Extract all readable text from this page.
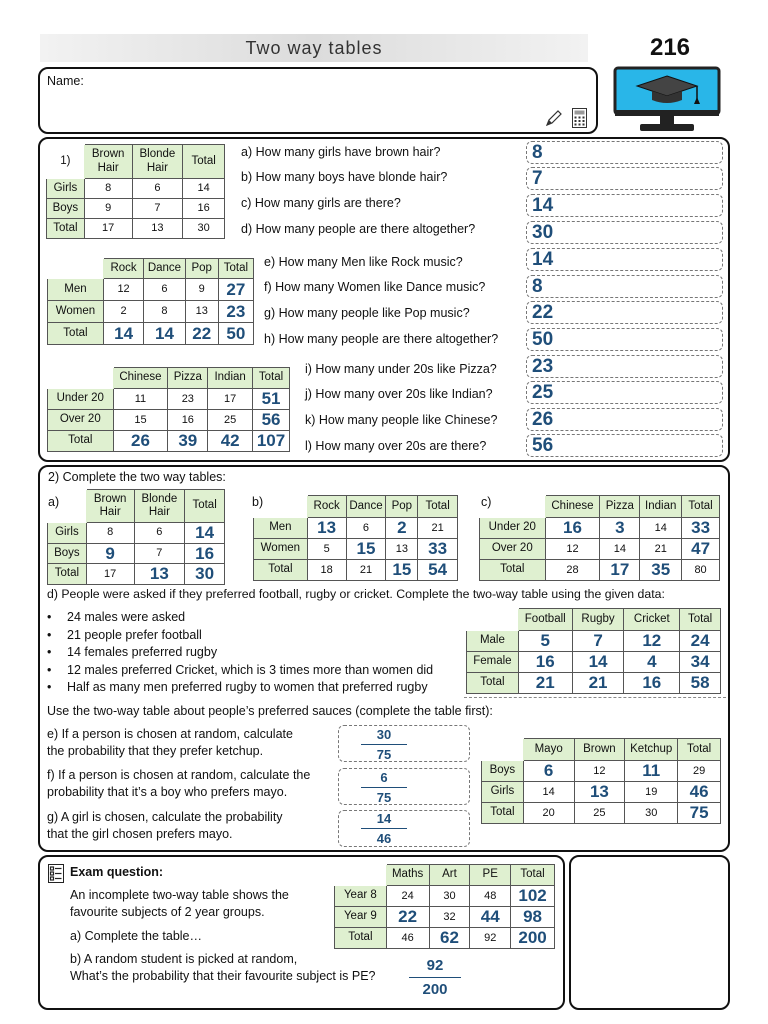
Two way tables	216
Name:
1)	Brown Hair	Blonde Hair	Total
Girls	8	6	14
Boys	9	7	16
Total	17	13	30
a) How many girls have brown hair?
b) How many boys have blonde hair?
c) How many girls are there?
d) How many people are there altogether?
	Rock	Dance	Pop	Total
Men	12	6	9	27
Women	2	8	13	23
Total	14	14	22	50
e) How many Men like Rock music?
f) How many Women like Dance music?
g) How many people like Pop music?
h) How many people are there altogether?
	Chinese	Pizza	Indian	Total
Under 20	11	23	17	51
Over 20	15	16	25	56
Total	26	39	42	107
i) How many under 20s like Pizza?
j) How many over 20s like Indian?
k) How many people like Chinese?
l) How many over 20s are there?
8
7
14
30
14
8
22
50
23
25
26
56
2) Complete the two way tables:
a)
		Brown Hair	Blonde Hair	Total
Girls	8	6	14
Boys	9	7	16
Total	17	13	30
b)
		Rock	Dance	Pop	Total
Men	13	6	2	21
Women	5	15	13	33
Total	18	21	15	54
c)
		Chinese	Pizza	Indian	Total
Under 20	16	3	14	33
Over 20	12	14	21	47
Total	28	17	35	80
d) People were asked if they preferred football, rugby or cricket. Complete the two-way table using the given data:
• 24 males were asked
• 21 people prefer football
• 14 females preferred rugby
• 12 males preferred Cricket, which is 3 times more than women did
• Half as many men preferred rugby to women that preferred rugby
	Football	Rugby	Cricket	Total
Male	5	7	12	24
Female	16	14	4	34
Total	21	21	16	58
Use the two-way table about people’s preferred sauces (complete the table first):
e) If a person is chosen at random, calculate
the probability that they prefer ketchup.
f) If a person is chosen at random, calculate the
probability that it’s a boy who prefers mayo.
g) A girl is chosen, calculate the probability
that the girl chosen prefers mayo.
30
75
6
75
14
46
	Mayo	Brown	Ketchup	Total
Boys	6	12	11	29
Girls	14	13	19	46
Total	20	25	30	75
Exam question:
An incomplete two-way table shows the
favourite subjects of 2 year groups.
a) Complete the table…
b) A random student is picked at random,
What’s the probability that their favourite subject is PE?
92
200
	Maths	Art	PE	Total
Year 8	24	30	48	102
Year 9	22	32	44	98
Total	46	62	92	200
